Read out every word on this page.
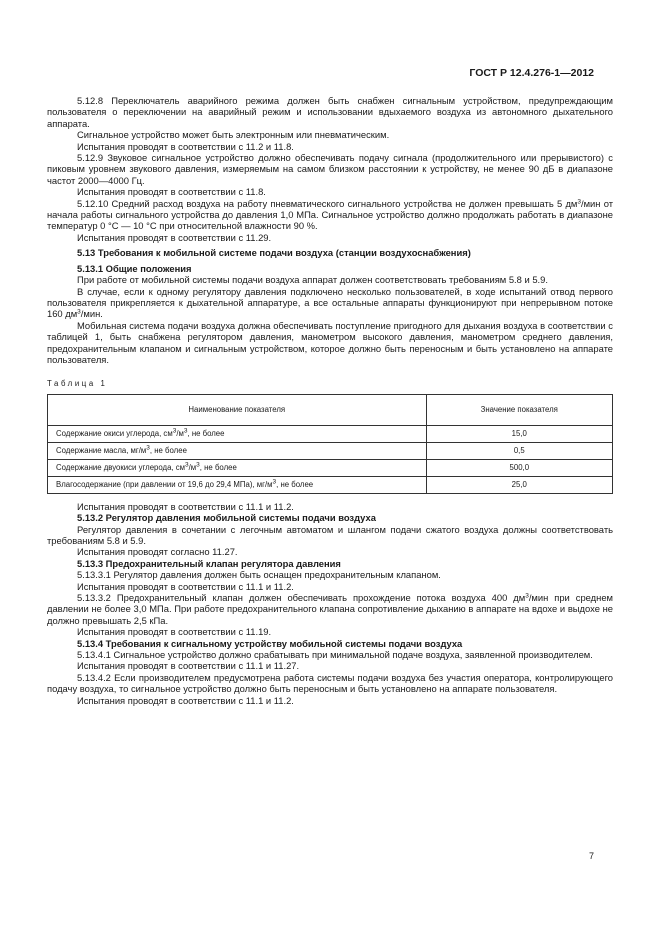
ГОСТ Р 12.4.276-1—2012

5.12.8 Переключатель аварийного режима должен быть снабжен сигнальным устройством, предупреждающим пользователя о переключении на аварийный режим и использовании вдыхаемого воздуха из автономного дыхательного аппарата.

Сигнальное устройство может быть электронным или пневматическим.

Испытания проводят в соответствии с 11.2 и 11.8.

5.12.9 Звуковое сигнальное устройство должно обеспечивать подачу сигнала (продолжительного или прерывистого) с пиковым уровнем звукового давления, измеряемым на самом близком расстоянии к устройству, не менее 90 дБ в диапазоне частот 2000—4000 Гц.

Испытания проводят в соответствии с 11.8.

5.12.10 Средний расход воздуха на работу пневматического сигнального устройства не должен превышать 5 $дм^3$/мин от начала работы сигнального устройства до давления 1,0 МПа. Сигнальное устройство должно продолжать работать в диапазоне температур 0 °С — 10 °С при относительной влажности 90 %.

Испытания проводят в соответствии с 11.29.

5.13 Требования к мобильной системе подачи воздуха (станции воздухоснабжения)

5.13.1 Общие положения

При работе от мобильной системы подачи воздуха аппарат должен соответствовать требованиям 5.8 и 5.9.

В случае, если к одному регулятору давления подключено несколько пользователей, в ходе испытаний отвод первого пользователя прикрепляется к дыхательной аппаратуре, а все остальные аппараты функционируют при непрерывном потоке 160 $дм^3$/мин.

Мобильная система подачи воздуха должна обеспечивать поступление пригодного для дыхания воздуха в соответствии с таблицей 1, быть снабжена регулятором давления, манометром высокого давления, манометром среднего давления, предохранительным клапаном и сигнальным устройством, которое должно быть переносным и быть установлено на аппарате пользователя.

Таблица 1

Наименование показателя	Значение показателя
Содержание окиси углерода, $см^3/м^3$, не более	15,0
Содержание масла, $мг/м^3$, не более	0,5
Содержание двуокиси углерода, $см^3/м^3$, не более	500,0
Влагосодержание (при давлении от 19,6 до 29,4 МПа), $мг/м^3$, не более	25,0

Испытания проводят в соответствии с 11.1 и 11.2.

5.13.2 Регулятор давления мобильной системы подачи воздуха

Регулятор давления в сочетании с легочным автоматом и шлангом подачи сжатого воздуха должны соответствовать требованиям 5.8 и 5.9.

Испытания проводят согласно 11.27.

5.13.3 Предохранительный клапан регулятора давления

5.13.3.1 Регулятор давления должен быть оснащен предохранительным клапаном.

Испытания проводят в соответствии с 11.1 и 11.2.

5.13.3.2 Предохранительный клапан должен обеспечивать прохождение потока воздуха 400 $дм^3$/мин при среднем давлении не более 3,0 МПа. При работе предохранительного клапана сопротивление дыханию в аппарате на вдохе и выдохе не должно превышать 2,5 кПа.

Испытания проводят в соответствии с 11.19.

5.13.4 Требования к сигнальному устройству мобильной системы подачи воздуха

5.13.4.1 Сигнальное устройство должно срабатывать при минимальной подаче воздуха, заявленной производителем.

Испытания проводят в соответствии с 11.1 и 11.27.

5.13.4.2 Если производителем предусмотрена работа системы подачи воздуха без участия оператора, контролирующего подачу воздуха, то сигнальное устройство должно быть переносным и быть установлено на аппарате пользователя.

Испытания проводят в соответствии с 11.1 и 11.2.

7
